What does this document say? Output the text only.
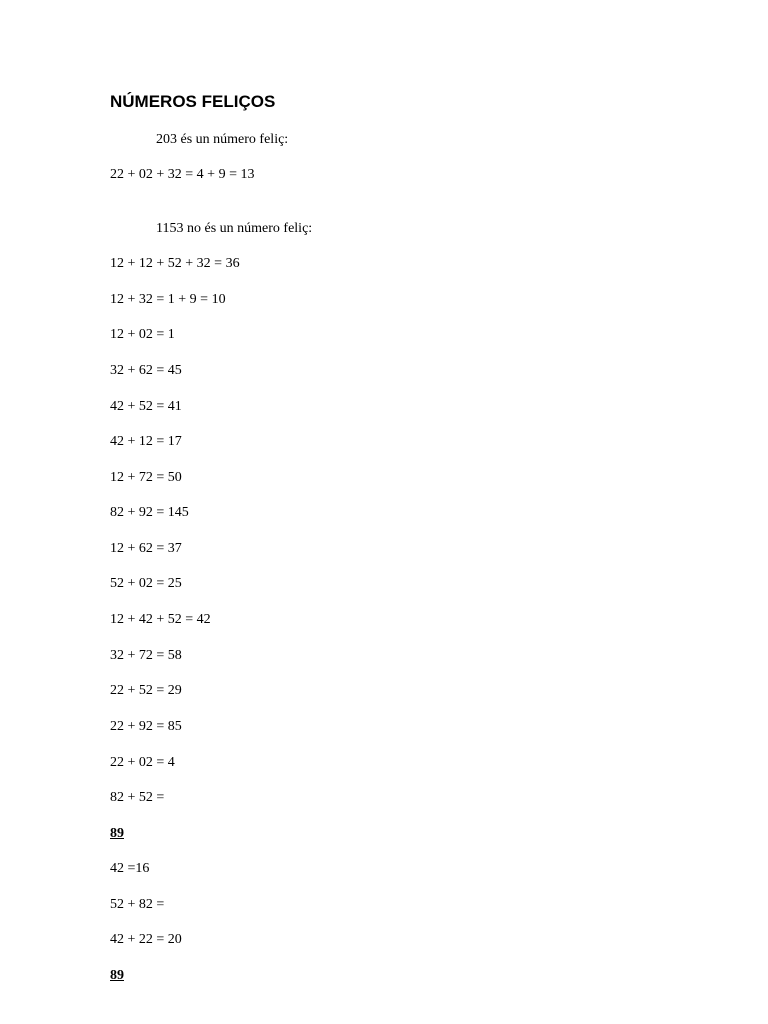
NÚMEROS FELIÇOS

203 és un número feliç:

22 + 02 + 32 = 4 + 9 = 13

1153 no és un número feliç:

12 + 12 + 52 + 32 = 36

12 + 32 = 1 + 9 = 10

12 + 02 = 1

32 + 62 = 45

42 + 52 = 41

42 + 12 = 17

12 + 72 = 50

82 + 92 = 145

12 + 62 = 37

52 + 02 = 25

12 + 42 + 52 = 42

32 + 72 = 58

22 + 52 = 29

22 + 92 = 85

22 + 02 = 4

82 + 52 =

89

42 =16

52 + 82 =

42 + 22 = 20

89
